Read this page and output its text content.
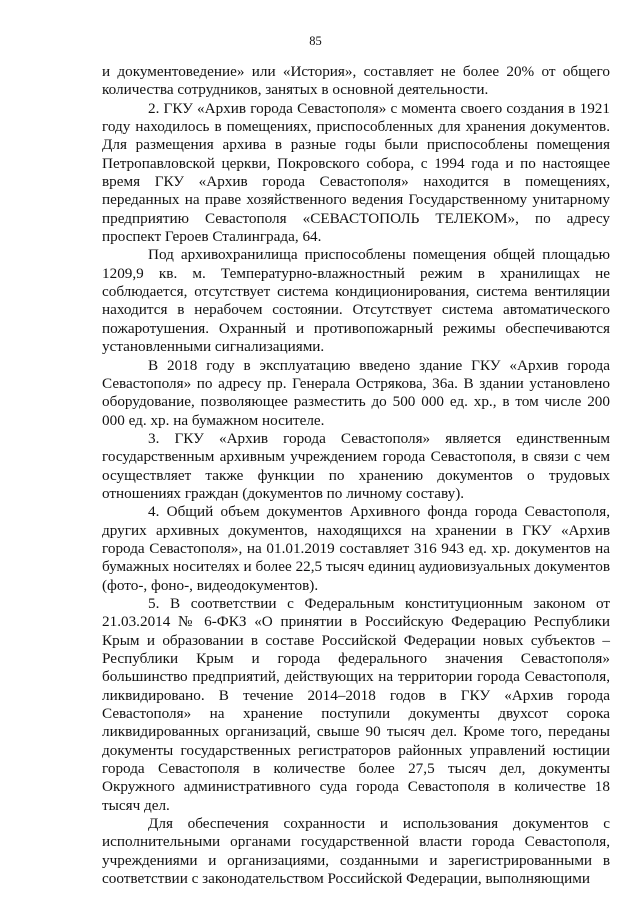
85

и документоведение» или «История», составляет не более 20% от общего количества сотрудников, занятых в основной деятельности.

2. ГКУ «Архив города Севастополя» с момента своего создания в 1921 году находилось в помещениях, приспособленных для хранения документов. Для размещения архива в разные годы были приспособлены помещения Петропавловской церкви, Покровского собора, с 1994 года и по настоящее время ГКУ «Архив города Севастополя» находится в помещениях, переданных на праве хозяйственного ведения Государственному унитарному предприятию Севастополя «СЕВАСТОПОЛЬ ТЕЛЕКОМ», по адресу проспект Героев Сталинграда, 64.

Под архивохранилища приспособлены помещения общей площадью 1209,9 кв. м. Температурно-влажностный режим в хранилищах не соблюдается, отсутствует система кондиционирования, система вентиляции находится в нерабочем состоянии. Отсутствует система автоматического пожаротушения. Охранный и противопожарный режимы обеспечиваются установленными сигнализациями.

В 2018 году в эксплуатацию введено здание ГКУ «Архив города Севастополя» по адресу пр. Генерала Острякова, 36а. В здании установлено оборудование, позволяющее разместить до 500 000 ед. хр., в том числе 200 000 ед. хр. на бумажном носителе.

3. ГКУ «Архив города Севастополя» является единственным государственным архивным учреждением города Севастополя, в связи с чем осуществляет также функции по хранению документов о трудовых отношениях граждан (документов по личному составу).

4. Общий объем документов Архивного фонда города Севастополя, других архивных документов, находящихся на хранении в ГКУ «Архив города Севастополя», на 01.01.2019 составляет 316 943 ед. хр. документов на бумажных носителях и более 22,5 тысяч единиц аудиовизуальных документов (фото-, фоно-, видеодокументов).

5. В соответствии с Федеральным конституционным законом от 21.03.2014 № 6-ФКЗ «О принятии в Российскую Федерацию Республики Крым и образовании в составе Российской Федерации новых субъектов – Республики Крым и города федерального значения Севастополя» большинство предприятий, действующих на территории города Севастополя, ликвидировано. В течение 2014–2018 годов в ГКУ «Архив города Севастополя» на хранение поступили документы двухсот сорока ликвидированных организаций, свыше 90 тысяч дел. Кроме того, переданы документы государственных регистраторов районных управлений юстиции города Севастополя в количестве более 27,5 тысяч дел, документы Окружного административного суда города Севастополя в количестве 18 тысяч дел.

Для обеспечения сохранности и использования документов с исполнительными органами государственной власти города Севастополя, учреждениями и организациями, созданными и зарегистрированными в соответствии с законодательством Российской Федерации, выполняющими
